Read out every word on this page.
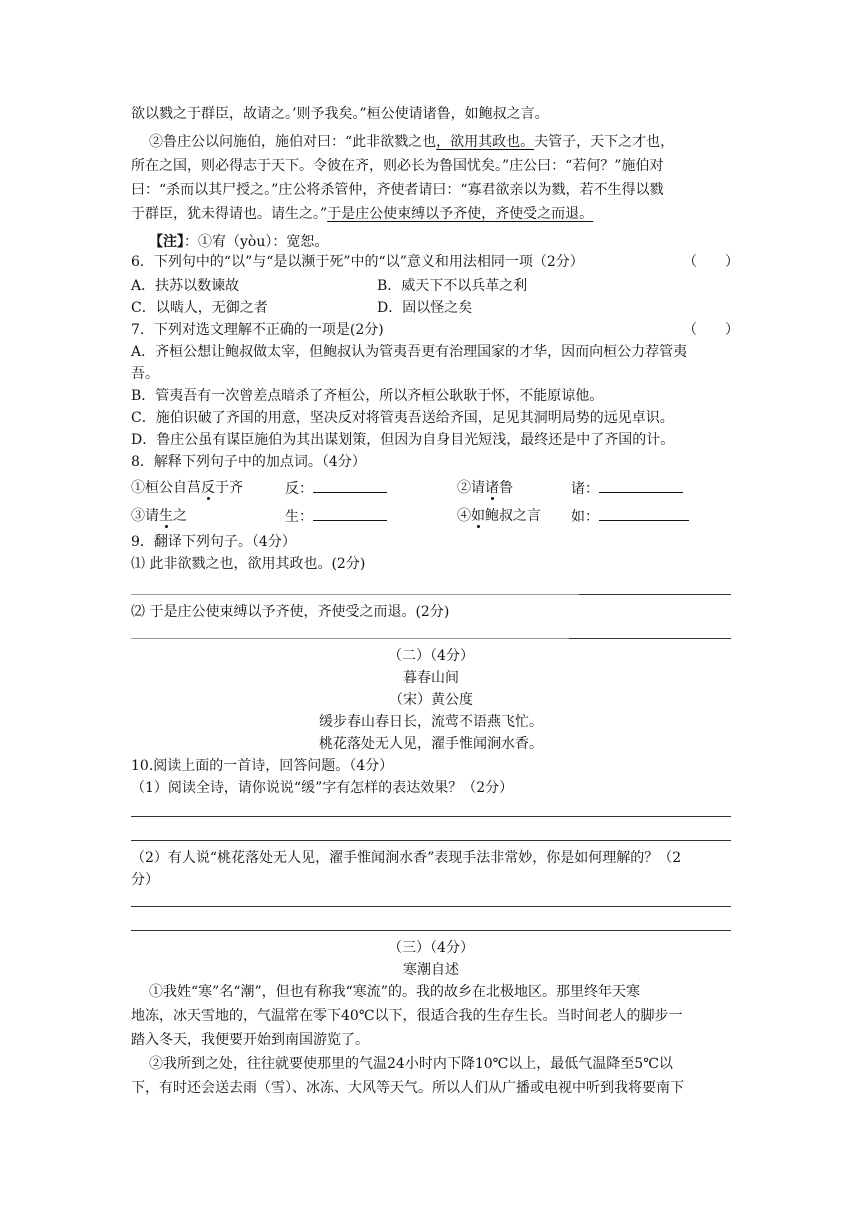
欲以戮之于群臣，故请之。’则予我矣。”桓公使请诸鲁，如鲍叔之言。
②鲁庄公以问施伯，施伯对曰：“此非欲戮之也，欲用其政也。夫管子，天下之才也，
所在之国，则必得志于天下。令彼在齐，则必长为鲁国忧矣。”庄公曰：“若何？”施伯对
曰：“杀而以其尸授之。”庄公将杀管仲，齐使者请曰：“寡君欲亲以为戮，若不生得以戮
于群臣，犹未得请也。请生之。”于是庄公使束缚以予齐使，齐使受之而退。
【注】：①宥（yòu）：宽恕。
6．下列句中的“以”与“是以濒于死”中的“以”意义和用法相同一项（2分）	（　　）
A．扶苏以数谏故	B．威天下不以兵革之利
C．以啮人，无御之者	D．固以怪之矣
7．下列对选文理解不正确的一项是(2分)	（　　）
A．齐桓公想让鲍叔做太宰，但鲍叔认为管夷吾更有治理国家的才华，因而向桓公力荐管夷
吾。
B．管夷吾有一次曾差点暗杀了齐桓公，所以齐桓公耿耿于怀，不能原谅他。
C．施伯识破了齐国的用意，坚决反对将管夷吾送给齐国，足见其洞明局势的远见卓识。
D．鲁庄公虽有谋臣施伯为其出谋划策，但因为自身目光短浅，最终还是中了齐国的计。
8．解释下列句子中的加点词。（4分）
①桓公自莒反于齐	反：	②请诸鲁	诸：
③请生之	生：	④如鲍叔之言 如：
9．翻译下列句子。（4分）
⑴ 此非欲戮之也，欲用其政也。(2分)
⑵ 于是庄公使束缚以予齐使，齐使受之而退。(2分)
（二）（4分）
暮春山间
（宋）黄公度
缓步春山春日长，流莺不语燕飞忙。
桃花落处无人见，濯手惟闻涧水香。
10.阅读上面的一首诗，回答问题。（4分）
（1）阅读全诗，请你说说“缓”字有怎样的表达效果？（2分）
（2）有人说“桃花落处无人见，濯手惟闻涧水香”表现手法非常妙，你是如何理解的？（2
分）
（三）（4分）
寒潮自述
①我姓“寒”名“潮”，但也有称我“寒流”的。我的故乡在北极地区。那里终年天寒
地冻，冰天雪地的，气温常在零下40℃以下，很适合我的生存生长。当时间老人的脚步一
踏入冬天，我便要开始到南国游览了。
②我所到之处，往往就要使那里的气温24小时内下降10℃以上，最低气温降至5℃以
下，有时还会送去雨（雪）、冰冻、大风等天气。所以人们从广播或电视中听到我将要南下
